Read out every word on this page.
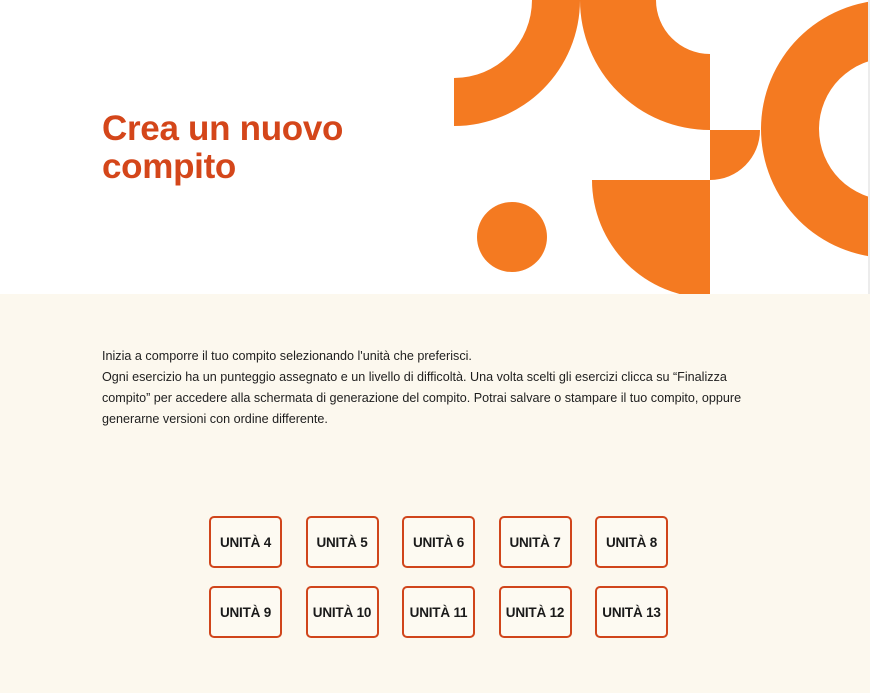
Crea un nuovo
compito

Inizia a comporre il tuo compito selezionando l'unità che preferisci.

Ogni esercizio ha un punteggio assegnato e un livello di difficoltà. Una volta scelti gli esercizi clicca su “Finalizza compito” per accedere alla schermata di generazione del compito. Potrai salvare o stampare il tuo compito, oppure generarne versioni con ordine differente.

UNITÀ 4	UNITÀ 5	UNITÀ 6	UNITÀ 7	UNITÀ 8
UNITÀ 9	UNITÀ 10	UNITÀ 11	UNITÀ 12	UNITÀ 13
